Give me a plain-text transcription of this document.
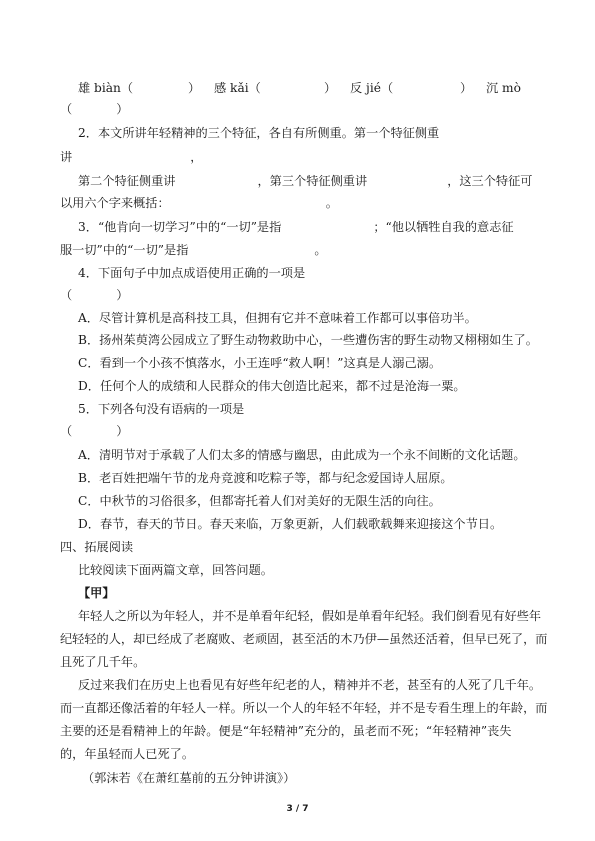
雄 biàn（	） 感 kǎi（	） 反 jié（	） 沉 mò
（	）
2．本文所讲年轻精神的三个特征，各自有所侧重。第一个特征侧重
讲	，
第二个特征侧重讲	，第三个特征侧重讲	，这三个特征可
以用六个字来概括：	。
3．“他肯向一切学习”中的“一切”是指	；“他以牺牲自我的意志征
服一切”中的“一切”是指	。
4．下面句子中加点成语使用正确的一项是
（	）
A．尽管计算机是高科技工具，但拥有它并不意味着工作都可以事倍功半。
B．扬州茱萸湾公园成立了野生动物救助中心，一些遭伤害的野生动物又栩栩如生了。
C．看到一个小孩不慎落水，小王连呼“救人啊！”这真是人溺己溺。
D．任何个人的成绩和人民群众的伟大创造比起来，都不过是沧海一粟。
5．下列各句没有语病的一项是
（	）
A．清明节对于承载了人们太多的情感与幽思，由此成为一个永不间断的文化话题。
B．老百姓把端午节的龙舟竞渡和吃粽子等，都与纪念爱国诗人屈原。
C．中秋节的习俗很多，但都寄托着人们对美好的无限生活的向往。
D．春节，春天的节日。春天来临，万象更新，人们载歌载舞来迎接这个节日。
四、拓展阅读
比较阅读下面两篇文章，回答问题。
【甲】
年轻人之所以为年轻人，并不是单看年纪轻，假如是单看年纪轻。我们倒看见有好些年
纪轻轻的人，却已经成了老腐败、老顽固，甚至活的木乃伊—虽然还活着，但早已死了，而
且死了几千年。
反过来我们在历史上也看见有好些年纪老的人，精神并不老，甚至有的人死了几千年。
而一直都还像活着的年轻人一样。所以一个人的年轻不年轻，并不是专看生理上的年龄，而
主要的还是看精神上的年龄。便是“年轻精神”充分的，虽老而不死；“年轻精神”丧失
的，年虽轻而人已死了。
（郭沫若《在萧红墓前的五分钟讲演》）
3 / 7
